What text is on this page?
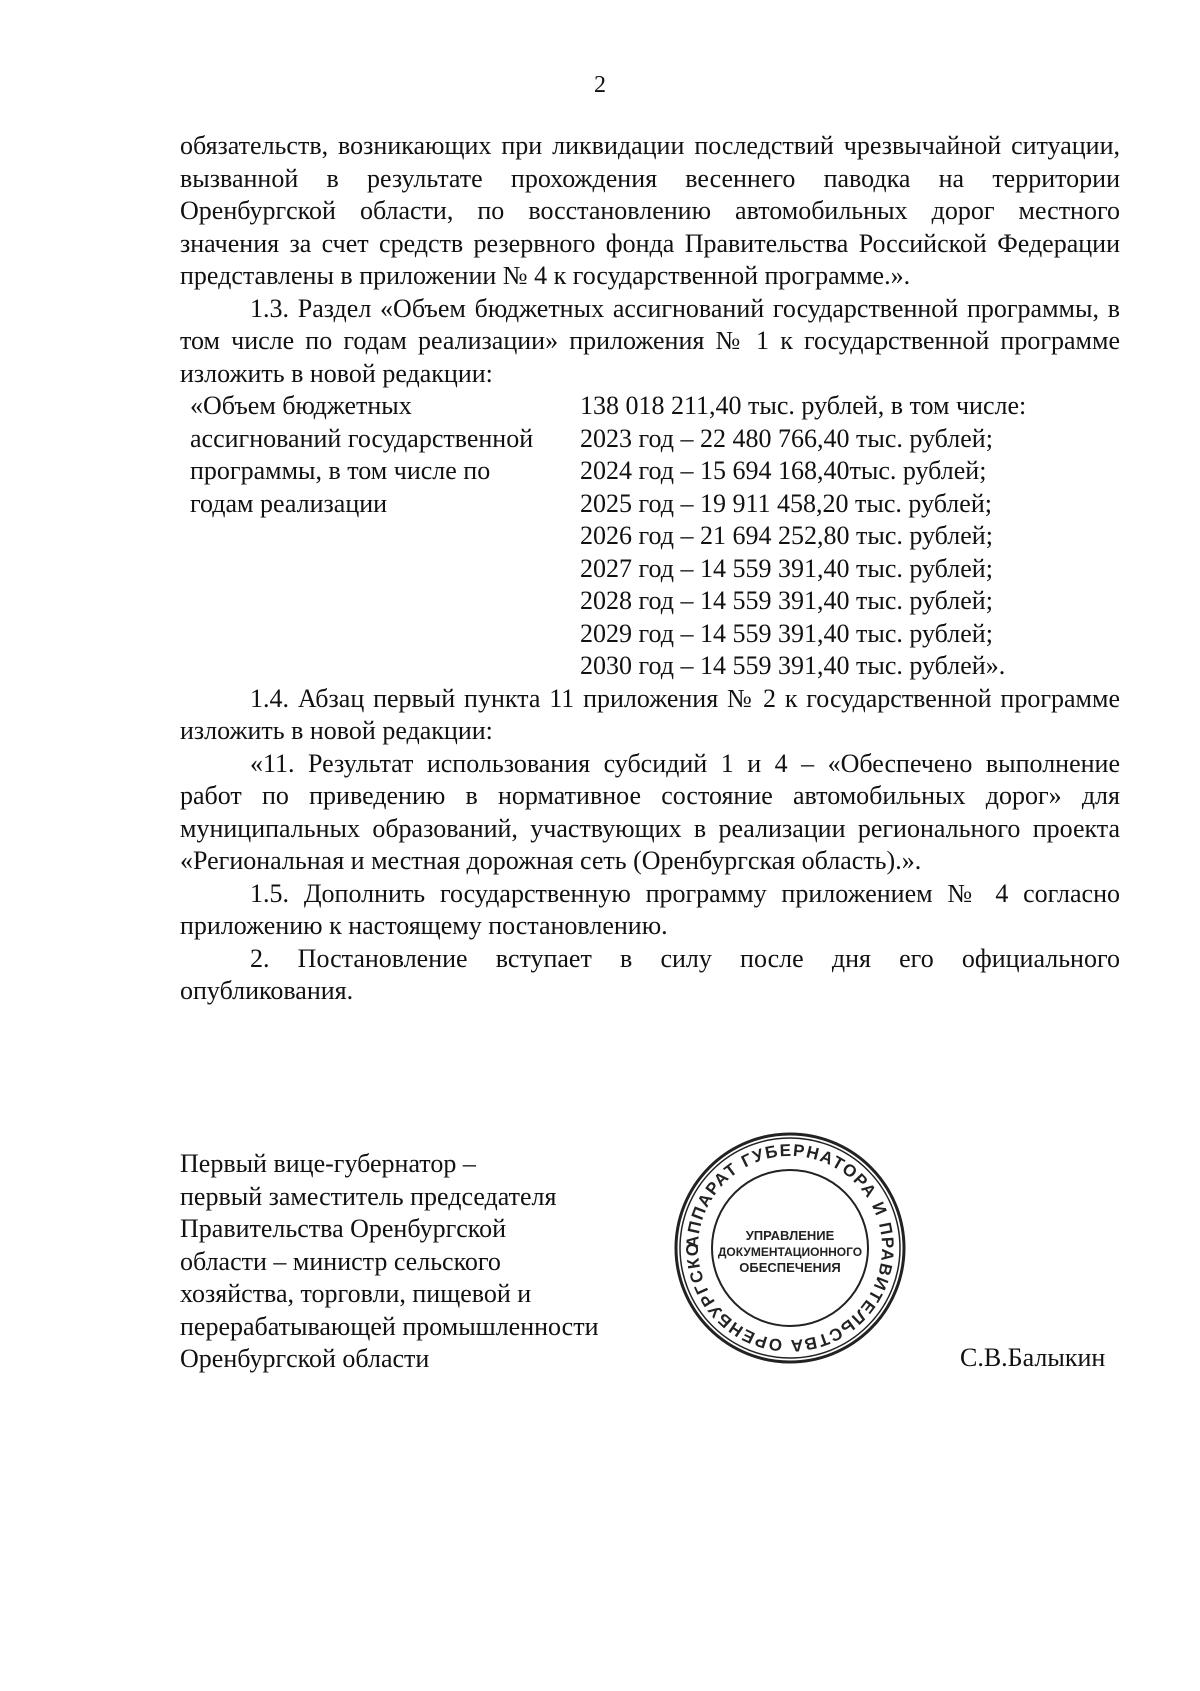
2

обязательств, возникающих при ликвидации последствий чрезвычайной ситуации, вызванной в результате прохождения весеннего паводка на территории Оренбургской области, по восстановлению автомобильных дорог местного значения за счет средств резервного фонда Правительства Российской Федерации представлены в приложении № 4 к государственной программе.».

1.3. Раздел «Объем бюджетных ассигнований государственной программы, в том числе по годам реализации» приложения № 1 к государственной программе изложить в новой редакции:

«Объем бюджетных
ассигнований государственной
программы, в том числе по
годам реализации
138 018 211,40 тыс. рублей, в том числе:
2023 год – 22 480 766,40 тыс. рублей;
2024 год – 15 694 168,40тыс. рублей;
2025 год – 19 911 458,20 тыс. рублей;
2026 год – 21 694 252,80 тыс. рублей;
2027 год – 14 559 391,40 тыс. рублей;
2028 год – 14 559 391,40 тыс. рублей;
2029 год – 14 559 391,40 тыс. рублей;
2030 год – 14 559 391,40 тыс. рублей».

1.4. Абзац первый пункта 11 приложения № 2 к государственной программе изложить в новой редакции:

«11. Результат использования субсидий 1 и 4 – «Обеспечено выполнение работ по приведению в нормативное состояние автомобильных дорог» для муниципальных образований, участвующих в реализации регионального проекта «Региональная и местная дорожная сеть (Оренбургская область).».

1.5. Дополнить государственную программу приложением № 4 согласно приложению к настоящему постановлению.

2. Постановление вступает в силу после дня его официального опубликования.

Первый вице-губернатор –
первый заместитель председателя
Правительства Оренбургской
области – министр сельского
хозяйства, торговли, пищевой и
перерабатывающей промышленности
Оренбургской области
АППАРАТ ГУБЕРНАТОРА И ПРАВИТЕЛЬСТВА ОРЕНБУРГСКО
УПРАВЛЕНИЕ
ДОКУМЕНТАЦИОННОГО
ОБЕСПЕЧЕНИЯ
С.В.Балыкин
